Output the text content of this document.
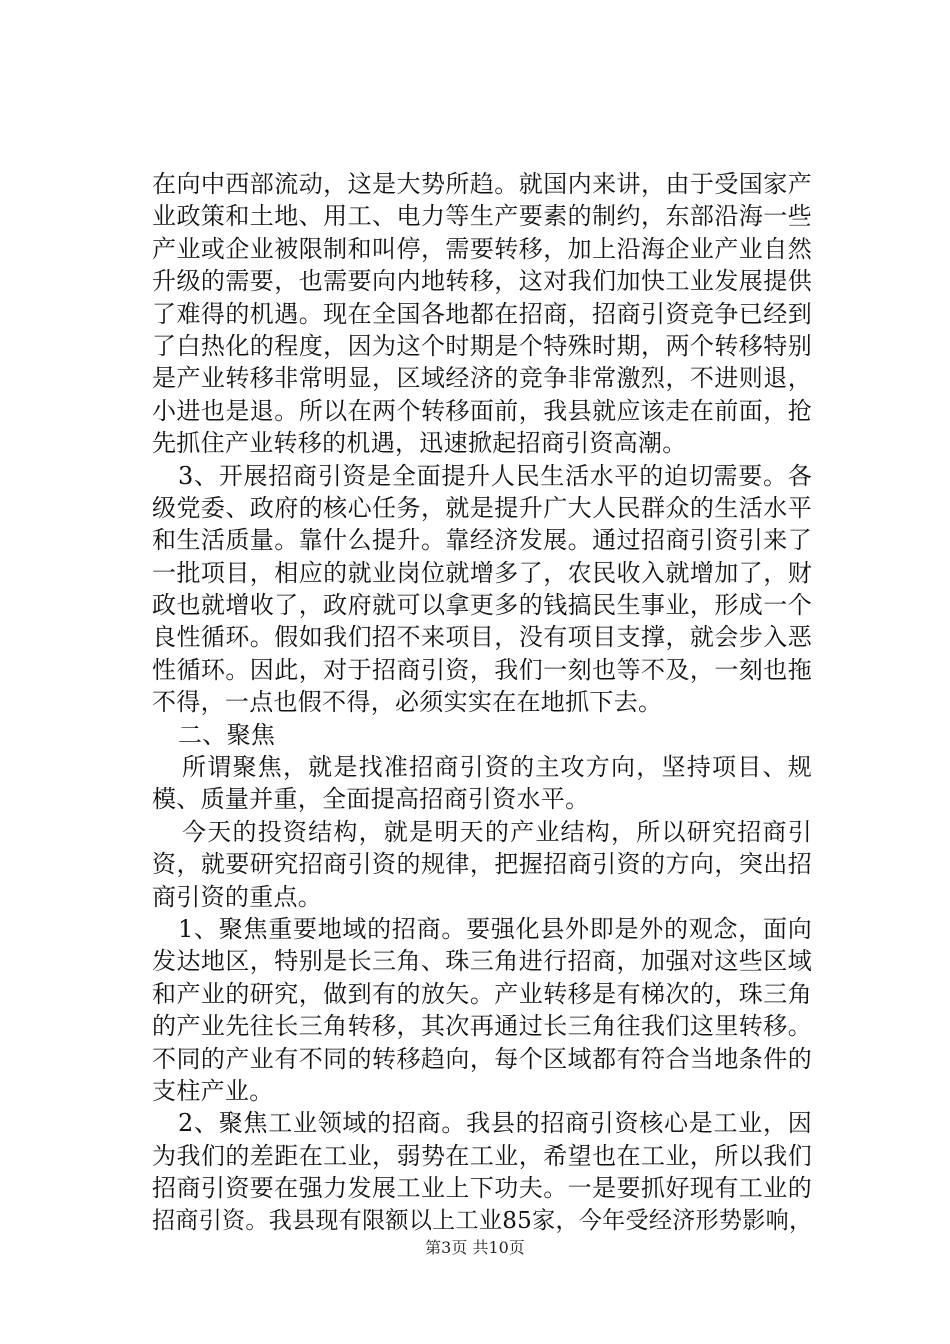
在向中西部流动，这是大势所趋。就国内来讲，由于受国家产
业政策和土地、用工、电力等生产要素的制约，东部沿海一些
产业或企业被限制和叫停，需要转移，加上沿海企业产业自然
升级的需要，也需要向内地转移，这对我们加快工业发展提供
了难得的机遇。现在全国各地都在招商，招商引资竞争已经到
了白热化的程度，因为这个时期是个特殊时期，两个转移特别
是产业转移非常明显，区域经济的竞争非常激烈，不进则退，
小进也是退。所以在两个转移面前，我县就应该走在前面，抢
先抓住产业转移的机遇，迅速掀起招商引资高潮。
3、开展招商引资是全面提升人民生活水平的迫切需要。各
级党委、政府的核心任务，就是提升广大人民群众的生活水平
和生活质量。靠什么提升。靠经济发展。通过招商引资引来了
一批项目，相应的就业岗位就增多了，农民收入就增加了，财
政也就增收了，政府就可以拿更多的钱搞民生事业，形成一个
良性循环。假如我们招不来项目，没有项目支撑，就会步入恶
性循环。因此，对于招商引资，我们一刻也等不及，一刻也拖
不得，一点也假不得，必须实实在在地抓下去。
二、聚焦
所谓聚焦，就是找准招商引资的主攻方向，坚持项目、规
模、质量并重，全面提高招商引资水平。
今天的投资结构，就是明天的产业结构，所以研究招商引
资，就要研究招商引资的规律，把握招商引资的方向，突出招
商引资的重点。
1、聚焦重要地域的招商。要强化县外即是外的观念，面向
发达地区，特别是长三角、珠三角进行招商，加强对这些区域
和产业的研究，做到有的放矢。产业转移是有梯次的，珠三角
的产业先往长三角转移，其次再通过长三角往我们这里转移。
不同的产业有不同的转移趋向，每个区域都有符合当地条件的
支柱产业。
2、聚焦工业领域的招商。我县的招商引资核心是工业，因
为我们的差距在工业，弱势在工业，希望也在工业，所以我们
招商引资要在强力发展工业上下功夫。一是要抓好现有工业的
招商引资。我县现有限额以上工业85家，今年受经济形势影响，
第3页 共10页
